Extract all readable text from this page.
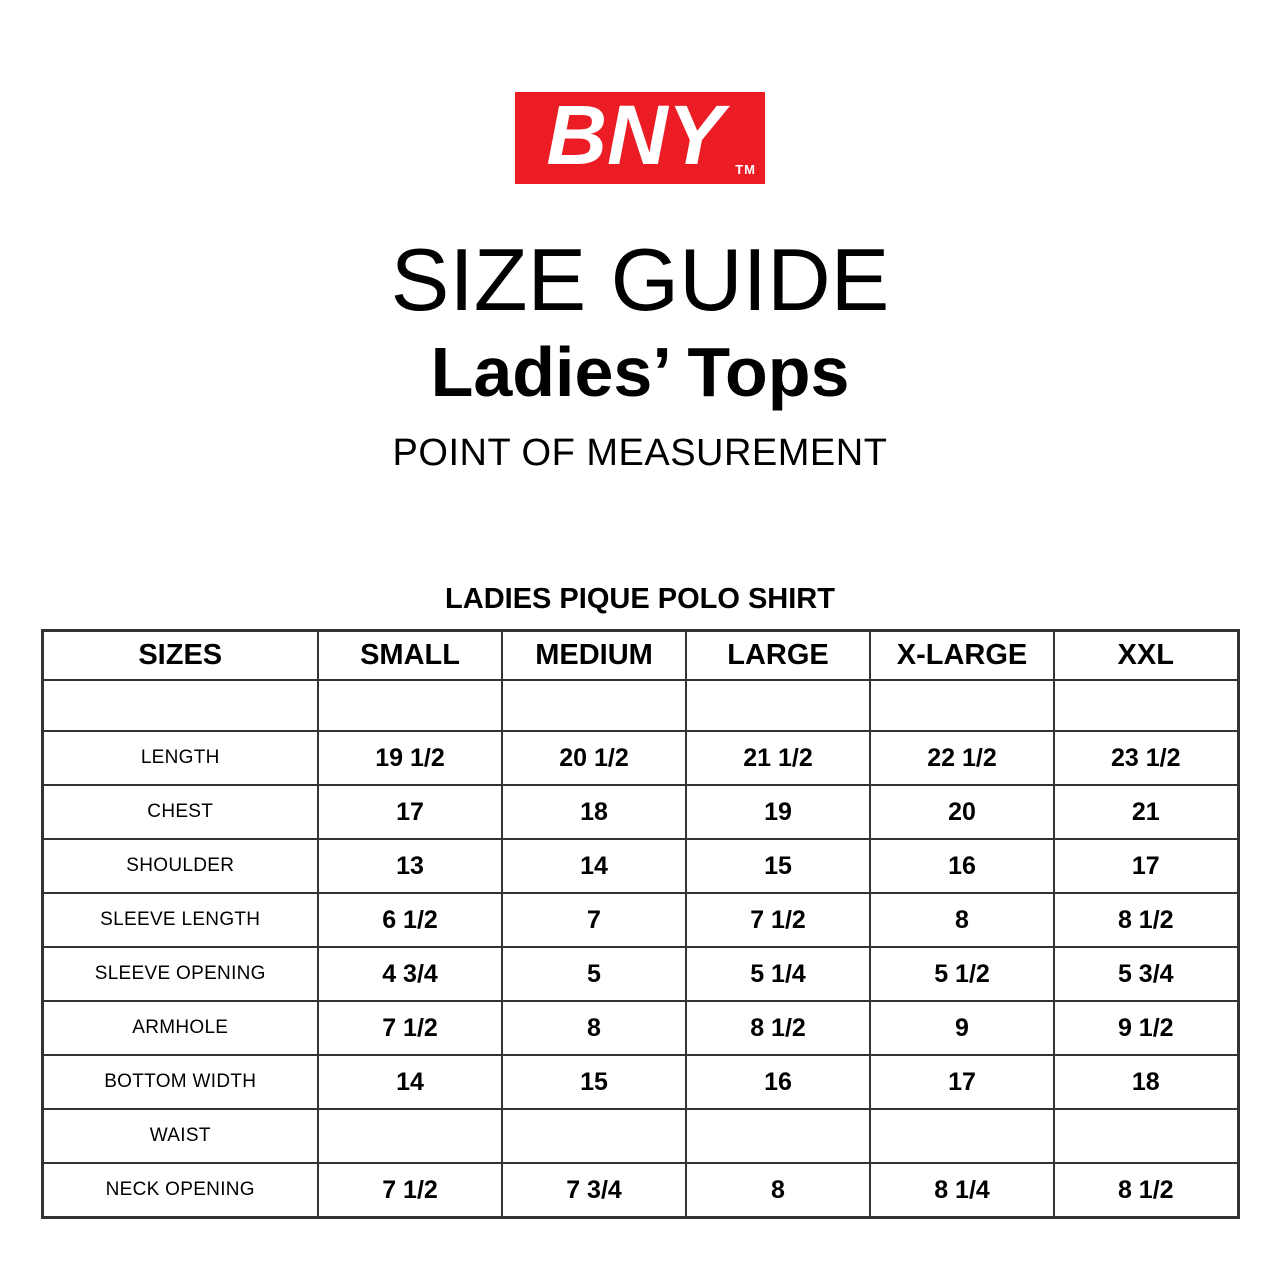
BNY TM
SIZE GUIDE
Ladies’ Tops
POINT OF MEASUREMENT
LADIES PIQUE POLO SHIRT
SIZES	SMALL	MEDIUM	LARGE	X-LARGE	XXL

LENGTH	19 1/2	20 1/2	21 1/2	22 1/2	23 1/2
CHEST	17	18	19	20	21
SHOULDER	13	14	15	16	17
SLEEVE LENGTH	6 1/2	7	7 1/2	8	8 1/2
SLEEVE OPENING	4 3/4	5	5 1/4	5 1/2	5 3/4
ARMHOLE	7 1/2	8	8 1/2	9	9 1/2
BOTTOM WIDTH	14	15	16	17	18
WAIST					
NECK OPENING	7 1/2	7 3/4	8	8 1/4	8 1/2
